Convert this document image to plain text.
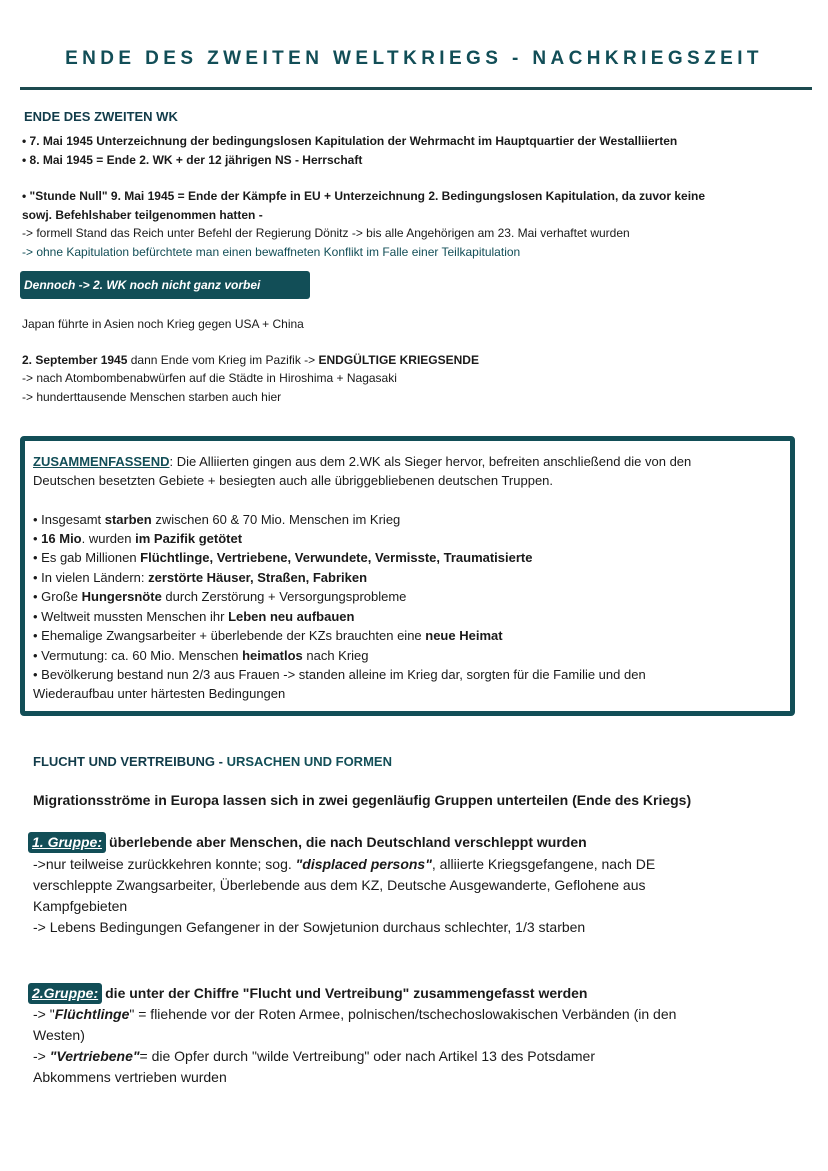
ENDE DES ZWEITEN WELTKRIEGS - NACHKRIEGSZEIT
ENDE DES ZWEITEN WK
• 7. Mai 1945 Unterzeichnung der bedingungslosen Kapitulation der Wehrmacht im Hauptquartier der Westalliierten
• 8. Mai 1945 = Ende 2. WK + der 12 jährigen NS - Herrschaft
• "Stunde Null" 9. Mai 1945 = Ende der Kämpfe in EU + Unterzeichnung 2. Bedingungslosen Kapitulation, da zuvor keine
sowj. Befehlshaber teilgenommen hatten -
-> formell Stand das Reich unter Befehl der Regierung Dönitz -> bis alle Angehörigen am 23. Mai verhaftet wurden
-> ohne Kapitulation befürchtete man einen bewaffneten Konflikt im Falle einer Teilkapitulation
Dennoch -> 2. WK noch nicht ganz vorbei
Japan führte in Asien noch Krieg gegen USA + China
2. September 1945 dann Ende vom Krieg im Pazifik -> ENDGÜLTIGE KRIEGSENDE
-> nach Atombombenabwürfen auf die Städte in Hiroshima + Nagasaki
-> hunderttausende Menschen starben auch hier
ZUSAMMENFASSEND: Die Alliierten gingen aus dem 2.WK als Sieger hervor, befreiten anschließend die von den
Deutschen besetzten Gebiete + besiegten auch alle übriggebliebenen deutschen Truppen.
• Insgesamt starben zwischen 60 & 70 Mio. Menschen im Krieg
• 16 Mio. wurden im Pazifik getötet
• Es gab Millionen Flüchtlinge, Vertriebene, Verwundete, Vermisste, Traumatisierte
• In vielen Ländern: zerstörte Häuser, Straßen, Fabriken
• Große Hungersnöte durch Zerstörung + Versorgungsprobleme
• Weltweit mussten Menschen ihr Leben neu aufbauen
• Ehemalige Zwangsarbeiter + überlebende der KZs brauchten eine neue Heimat
• Vermutung: ca. 60 Mio. Menschen heimatlos nach Krieg
• Bevölkerung bestand nun 2/3 aus Frauen -> standen alleine im Krieg dar, sorgten für die Familie und den
Wiederaufbau unter härtesten Bedingungen
FLUCHT UND VERTREIBUNG - URSACHEN UND FORMEN
Migrationsströme in Europa lassen sich in zwei gegenläufig Gruppen unterteilen (Ende des Kriegs)
1. Gruppe: überlebende aber Menschen, die nach Deutschland verschleppt wurden
->nur teilweise zurückkehren konnte; sog. "displaced persons", alliierte Kriegsgefangene, nach DE
verschleppte Zwangsarbeiter, Überlebende aus dem KZ, Deutsche Ausgewanderte, Geflohene aus
Kampfgebieten
-> Lebens Bedingungen Gefangener in der Sowjetunion durchaus schlechter, 1/3 starben
2.Gruppe: die unter der Chiffre "Flucht und Vertreibung" zusammengefasst werden
-> "Flüchtlinge" = fliehende vor der Roten Armee, polnischen/tschechoslowakischen Verbänden (in den
Westen)
-> "Vertriebene"= die Opfer durch "wilde Vertreibung" oder nach Artikel 13 des Potsdamer
Abkommens vertrieben wurden
